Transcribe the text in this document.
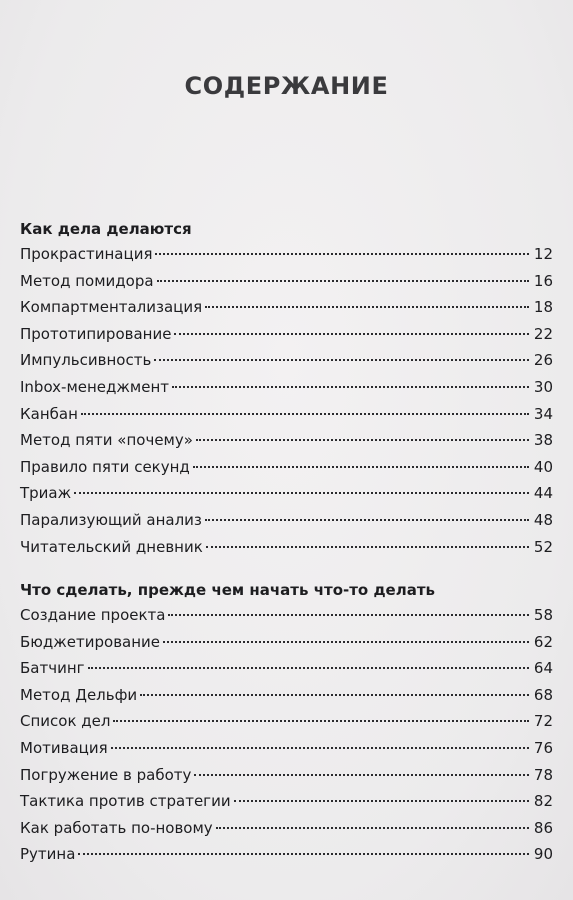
СОДЕРЖАНИЕ
Как дела делаются
Прокрастинация	12
Метод помидора	16
Компартментализация	18
Прототипирование	22
Импульсивность	26
Inbox-менеджмент	30
Канбан	34
Метод пяти «почему»	38
Правило пяти секунд	40
Триаж	44
Парализующий анализ	48
Читательский дневник	52
Что сделать, прежде чем начать что-то делать
Создание проекта	58
Бюджетирование	62
Батчинг	64
Метод Дельфи	68
Список дел	72
Мотивация	76
Погружение в работу	78
Тактика против стратегии	82
Как работать по-новому	86
Рутина	90
